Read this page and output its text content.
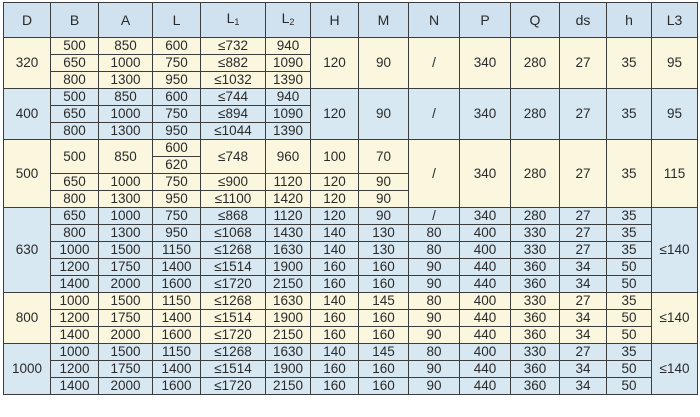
D	B	A	L	$L_1$	$L_2$	H	M	N	P	Q	ds	h	L3
320	500	850	600	≤732	940	120	90	/	340	280	27	35	95
	650	1000	750	≤882	1090								
	800	1300	950	≤1032	1390								
400	500	850	600	≤744	940	120	90	/	340	280	27	35	95
	650	1000	750	≤894	1090								
	800	1300	950	≤1044	1390								
500	500	850	600	≤748	960	100	70	/	340	280	27	35	115
			620										
	650	1000	750	≤900	1120	120	90						
	800	1300	950	≤1100	1420	120	90						
630	650	1000	750	≤868	1120	120	90	/	340	280	27	35	≤140
	800	1300	950	≤1068	1430	140	130	80	400	330	27	35	
	1000	1500	1150	≤1268	1630	140	130	80	400	330	27	35	
	1200	1750	1400	≤1514	1900	160	160	90	440	360	34	50	
	1400	2000	1600	≤1720	2150	160	160	90	440	360	34	50	
800	1000	1500	1150	≤1268	1630	140	145	80	400	330	27	35	≤140
	1200	1750	1400	≤1514	1900	160	160	90	440	360	34	50	
	1400	2000	1600	≤1720	2150	160	160	90	440	360	34	50	
1000	1000	1500	1150	≤1268	1630	140	145	80	400	330	27	35	≤140
	1200	1750	1400	≤1514	1900	160	160	90	440	360	34	50	
	1400	2000	1600	≤1720	2150	160	160	90	440	360	34	50	
